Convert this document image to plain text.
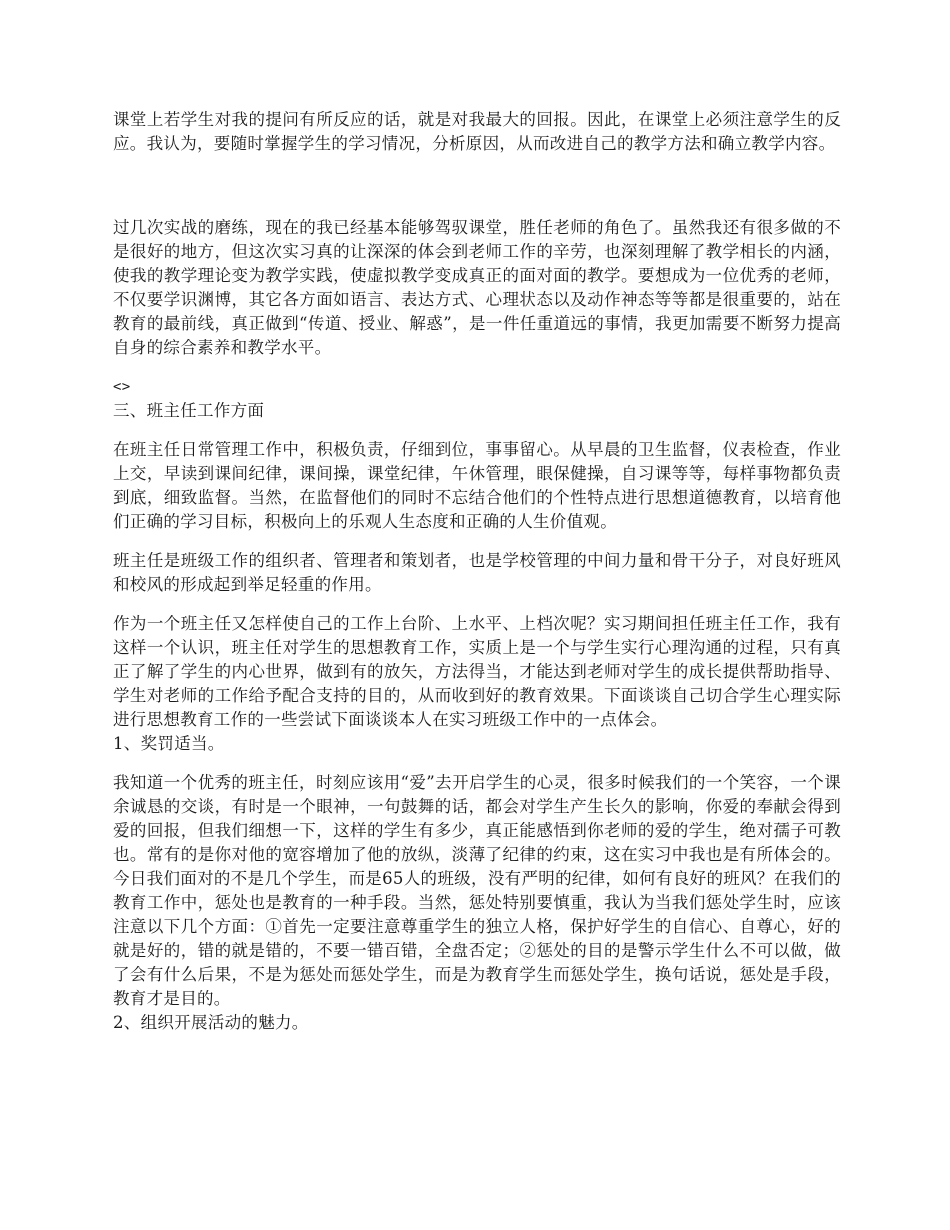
课堂上若学生对我的提问有所反应的话，就是对我最大的回报。因此，在课堂上必须注意学生的反应。我认为，要随时掌握学生的学习情况，分析原因，从而改进自己的教学方法和确立教学内容。

过几次实战的磨练，现在的我已经基本能够驾驭课堂，胜任老师的角色了。虽然我还有很多做的不是很好的地方，但这次实习真的让深深的体会到老师工作的辛劳，也深刻理解了教学相长的内涵，使我的教学理论变为教学实践，使虚拟教学变成真正的面对面的教学。要想成为一位优秀的老师，不仅要学识渊博，其它各方面如语言、表达方式、心理状态以及动作神态等等都是很重要的，站在教育的最前线，真正做到“传道、授业、解惑”，是一件任重道远的事情，我更加需要不断努力提高自身的综合素养和教学水平。

<>

三、班主任工作方面

在班主任日常管理工作中，积极负责，仔细到位，事事留心。从早晨的卫生监督，仪表检查，作业上交，早读到课间纪律，课间操，课堂纪律，午休管理，眼保健操，自习课等等，每样事物都负责到底，细致监督。当然，在监督他们的同时不忘结合他们的个性特点进行思想道德教育，以培育他们正确的学习目标，积极向上的乐观人生态度和正确的人生价值观。

班主任是班级工作的组织者、管理者和策划者，也是学校管理的中间力量和骨干分子，对良好班风和校风的形成起到举足轻重的作用。

作为一个班主任又怎样使自己的工作上台阶、上水平、上档次呢？实习期间担任班主任工作，我有这样一个认识，班主任对学生的思想教育工作，实质上是一个与学生实行心理沟通的过程，只有真正了解了学生的内心世界，做到有的放矢，方法得当，才能达到老师对学生的成长提供帮助指导、学生对老师的工作给予配合支持的目的，从而收到好的教育效果。下面谈谈自己切合学生心理实际进行思想教育工作的一些尝试下面谈谈本人在实习班级工作中的一点体会。

1、奖罚适当。

我知道一个优秀的班主任，时刻应该用“爱”去开启学生的心灵，很多时候我们的一个笑容，一个课余诚恳的交谈，有时是一个眼神，一句鼓舞的话，都会对学生产生长久的影响，你爱的奉献会得到爱的回报，但我们细想一下，这样的学生有多少，真正能感悟到你老师的爱的学生，绝对孺子可教也。常有的是你对他的宽容增加了他的放纵，淡薄了纪律的约束，这在实习中我也是有所体会的。今日我们面对的不是几个学生，而是65人的班级，没有严明的纪律，如何有良好的班风？在我们的教育工作中，惩处也是教育的一种手段。当然，惩处特别要慎重，我认为当我们惩处学生时，应该注意以下几个方面：①首先一定要注意尊重学生的独立人格，保护好学生的自信心、自尊心，好的就是好的，错的就是错的，不要一错百错，全盘否定；②惩处的目的是警示学生什么不可以做，做了会有什么后果，不是为惩处而惩处学生，而是为教育学生而惩处学生，换句话说，惩处是手段，教育才是目的。

2、组织开展活动的魅力。
